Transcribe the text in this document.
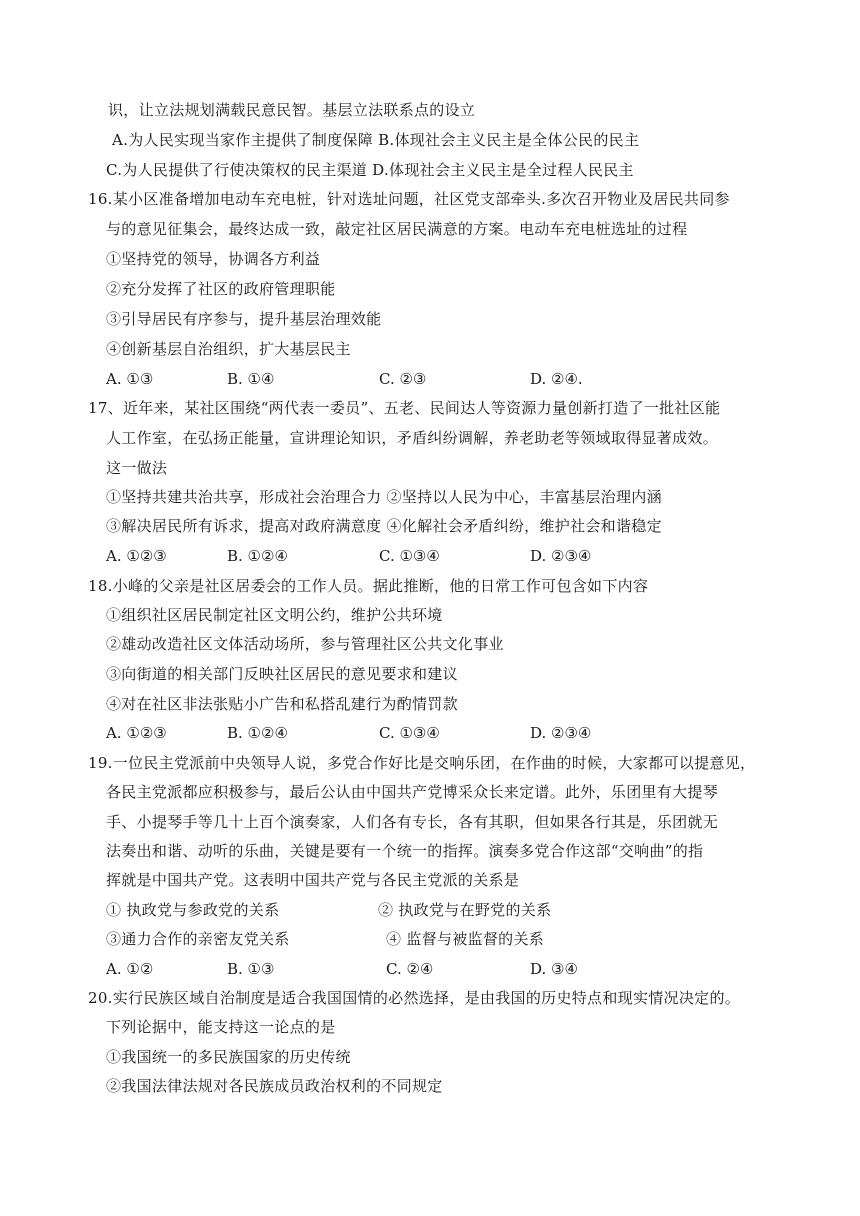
识，让立法规划满载民意民智。基层立法联系点的设立
A.为人民实现当家作主提供了制度保障 B.体现社会主义民主是全体公民的民主
C.为人民提供了行使决策权的民主渠道 D.体现社会主义民主是全过程人民民主
16.某小区准备增加电动车充电桩，针对选址问题，社区党支部牵头.多次召开物业及居民共同参
与的意见征集会，最终达成一致，敲定社区居民满意的方案。电动车充电桩选址的过程
①坚持党的领导，协调各方利益
②充分发挥了社区的政府管理职能
③引导居民有序参与，提升基层治理效能
④创新基层自治组织，扩大基层民主
A. ①③	B. ①④	C. ②③	D. ②④.
17、近年来，某社区围绕“两代表一委员”、五老、民间达人等资源力量创新打造了一批社区能
人工作室，在弘扬正能量，宣讲理论知识，矛盾纠纷调解，养老助老等领域取得显著成效。
这一做法
①坚持共建共治共享，形成社会治理合力 ②坚持以人民为中心，丰富基层治理内涵
③解决居民所有诉求，提高对政府满意度 ④化解社会矛盾纠纷，维护社会和谐稳定
A. ①②③	B. ①②④	C. ①③④	D. ②③④
18.小峰的父亲是社区居委会的工作人员。据此推断，他的日常工作可包含如下内容
①组织社区居民制定社区文明公约，维护公共环境
②雄动改造社区文体活动场所，参与管理社区公共文化事业
③向街道的相关部门反映社区居民的意见要求和建议
④对在社区非法张贴小广告和私搭乱建行为酌情罚款
A. ①②③	B. ①②④	C. ①③④	D. ②③④
19.一位民主党派前中央领导人说，多党合作好比是交响乐团，在作曲的时候，大家都可以提意见，
各民主党派都应积极参与，最后公认由中国共产党博采众长来定谱。此外，乐团里有大提琴
手、小提琴手等几十上百个演奏家，人们各有专长，各有其职，但如果各行其是，乐团就无
法奏出和谐、动听的乐曲，关键是要有一个统一的指挥。演奏多党合作这部“交响曲”的指
挥就是中国共产党。这表明中国共产党与各民主党派的关系是
① 执政党与参政党的关系	② 执政党与在野党的关系
③通力合作的亲密友党关系	④ 监督与被监督的关系
A. ①②	B. ①③	C. ②④	D. ③④
20.实行民族区域自治制度是适合我国国情的必然选择，是由我国的历史特点和现实情况决定的。
下列论据中，能支持这一论点的是
①我国统一的多民族国家的历史传统
②我国法律法规对各民族成员政治权利的不同规定
